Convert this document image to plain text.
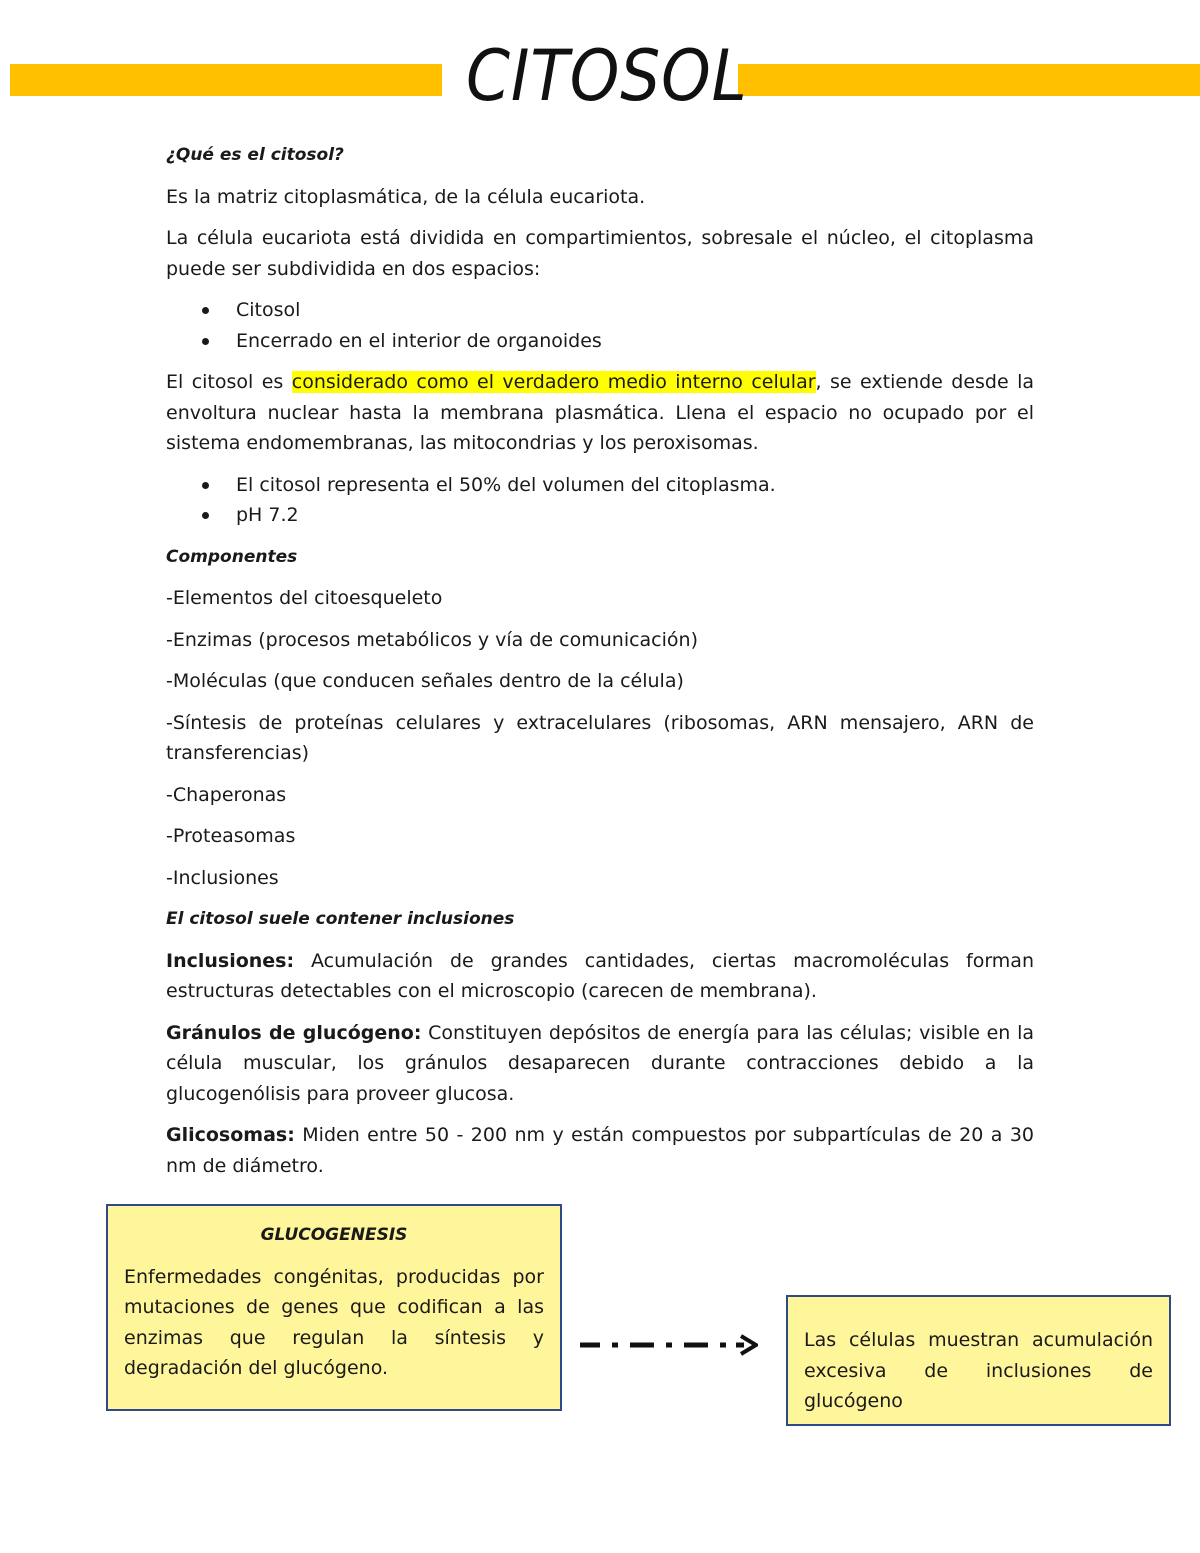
CITOSOL
¿Qué es el citosol?

Es la matriz citoplasmática, de la célula eucariota.

La célula eucariota está dividida en compartimientos, sobresale el núcleo, el citoplasma puede ser subdividida en dos espacios:

Citosol
Encerrado en el interior de organoides

El citosol es considerado como el verdadero medio interno celular, se extiende desde la envoltura nuclear hasta la membrana plasmática. Llena el espacio no ocupado por el sistema endomembranas, las mitocondrias y los peroxisomas.

El citosol representa el 50% del volumen del citoplasma.
pH 7.2
Componentes

-Elementos del citoesqueleto

-Enzimas (procesos metabólicos y vía de comunicación)

-Moléculas (que conducen señales dentro de la célula)

-Síntesis de proteínas celulares y extracelulares (ribosomas, ARN mensajero, ARN de transferencias)

-Chaperonas

-Proteasomas

-Inclusiones

El citosol suele contener inclusiones

Inclusiones: Acumulación de grandes cantidades, ciertas macromoléculas forman estructuras detectables con el microscopio (carecen de membrana).

Gránulos de glucógeno: Constituyen depósitos de energía para las células; visible en la célula muscular, los gránulos desaparecen durante contracciones debido a la glucogenólisis para proveer glucosa.

Glicosomas: Miden entre 50 - 200 nm y están compuestos por subpartículas de 20 a 30 nm de diámetro.

GLUCOGENESIS

Enfermedades congénitas, producidas por mutaciones de genes que codifican a las enzimas que regulan la síntesis y degradación del glucógeno.

Las células muestran acumulación excesiva de inclusiones de glucógeno
